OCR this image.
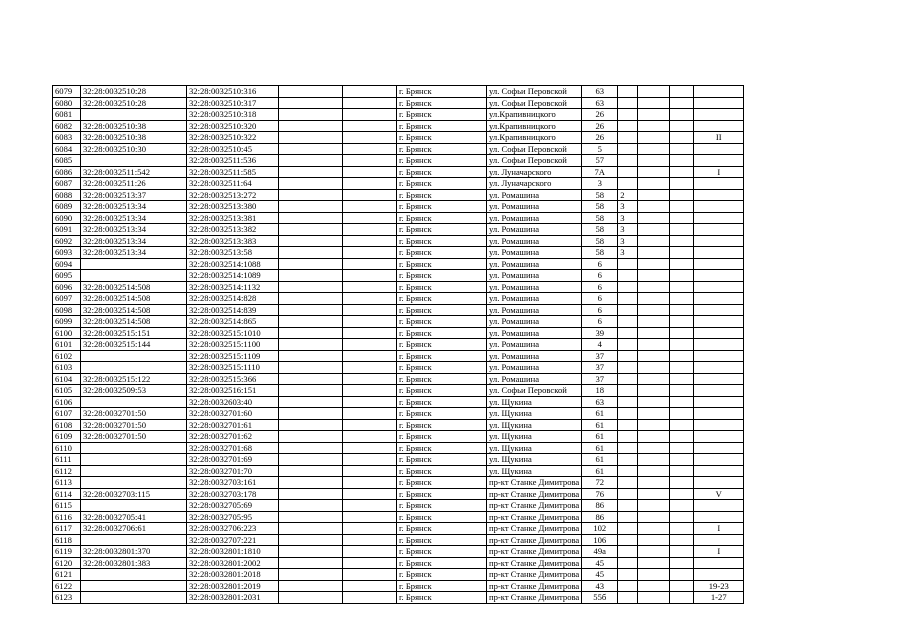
6079	32:28:0032510:28	32:28:0032510:316			г. Брянск	ул. Софьи Перовской	63				
6080	32:28:0032510:28	32:28:0032510:317			г. Брянск	ул. Софьи Перовской	63				
6081		32:28:0032510:318			г. Брянск	ул.Крапивницкого	26				
6082	32:28:0032510:38	32:28:0032510:320			г. Брянск	ул.Крапивницкого	26				
6083	32:28:0032510:38	32:28:0032510:322			г. Брянск	ул.Крапивницкого	26				II
6084	32:28:0032510:30	32:28:0032510:45			г. Брянск	ул. Софьи Перовской	5				
6085		32:28:0032511:536			г. Брянск	ул. Софьи Перовской	57				
6086	32:28:0032511:542	32:28:0032511:585			г. Брянск	ул. Луначарского	7А				I
6087	32:28:0032511:26	32:28:0032511:64			г. Брянск	ул. Луначарского	3				
6088	32:28:0032513:37	32:28:0032513:272			г. Брянск	ул. Ромашина	58	2			
6089	32:28:0032513:34	32:28:0032513:380			г. Брянск	ул. Ромашина	58	3			
6090	32:28:0032513:34	32:28:0032513:381			г. Брянск	ул. Ромашина	58	3			
6091	32:28:0032513:34	32:28:0032513:382			г. Брянск	ул. Ромашина	58	3			
6092	32:28:0032513:34	32:28:0032513:383			г. Брянск	ул. Ромашина	58	3			
6093	32:28:0032513:34	32:28:0032513:58			г. Брянск	ул. Ромашина	58	3			
6094		32:28:0032514:1088			г. Брянск	ул. Ромашина	6				
6095		32:28:0032514:1089			г. Брянск	ул. Ромашина	6				
6096	32:28:0032514:508	32:28:0032514:1132			г. Брянск	ул. Ромашина	6				
6097	32:28:0032514:508	32:28:0032514:828			г. Брянск	ул. Ромашина	6				
6098	32:28:0032514:508	32:28:0032514:839			г. Брянск	ул. Ромашина	6				
6099	32:28:0032514:508	32:28:0032514:865			г. Брянск	ул. Ромашина	6				
6100	32:28:0032515:151	32:28:0032515:1010			г. Брянск	ул. Ромашина	39				
6101	32:28:0032515:144	32:28:0032515:1100			г. Брянск	ул. Ромашина	4				
6102		32:28:0032515:1109			г. Брянск	ул. Ромашина	37				
6103		32:28:0032515:1110			г. Брянск	ул. Ромашина	37				
6104	32:28:0032515:122	32:28:0032515:366			г. Брянск	ул. Ромашина	37				
6105	32:28:0032509:53	32:28:0032516:151			г. Брянск	ул. Софьи Перовской	18				
6106		32:28:0032603:40			г. Брянск	ул. Щукина	63				
6107	32:28:0032701:50	32:28:0032701:60			г. Брянск	ул. Щукина	61				
6108	32:28:0032701:50	32:28:0032701:61			г. Брянск	ул. Щукина	61				
6109	32:28:0032701:50	32:28:0032701:62			г. Брянск	ул. Щукина	61				
6110		32:28:0032701:68			г. Брянск	ул. Щукина	61				
6111		32:28:0032701:69			г. Брянск	ул. Щукина	61				
6112		32:28:0032701:70			г. Брянск	ул. Щукина	61				
6113		32:28:0032703:161			г. Брянск	пр-кт Станке Димитрова	72				
6114	32:28:0032703:115	32:28:0032703:178			г. Брянск	пр-кт Станке Димитрова	76				V
6115		32:28:0032705:69			г. Брянск	пр-кт Станке Димитрова	86				
6116	32:28:0032705:41	32:28:0032705:95			г. Брянск	пр-кт Станке Димитрова	86				
6117	32:28:0032706:61	32:28:0032706:223			г. Брянск	пр-кт Станке Димитрова	102				I
6118		32:28:0032707:221			г. Брянск	пр-кт Станке Димитрова	106				
6119	32:28:0032801:370	32:28:0032801:1810			г. Брянск	пр-кт Станке Димитрова	49а				I
6120	32:28:0032801:383	32:28:0032801:2002			г. Брянск	пр-кт Станке Димитрова	45				
6121		32:28:0032801:2018			г. Брянск	пр-кт Станке Димитрова	45				
6122		32:28:0032801:2019			г. Брянск	пр-кт Станке Димитрова	43				19-23
6123		32:28:0032801:2031			г. Брянск	пр-кт Станке Димитрова	55б				1-27
